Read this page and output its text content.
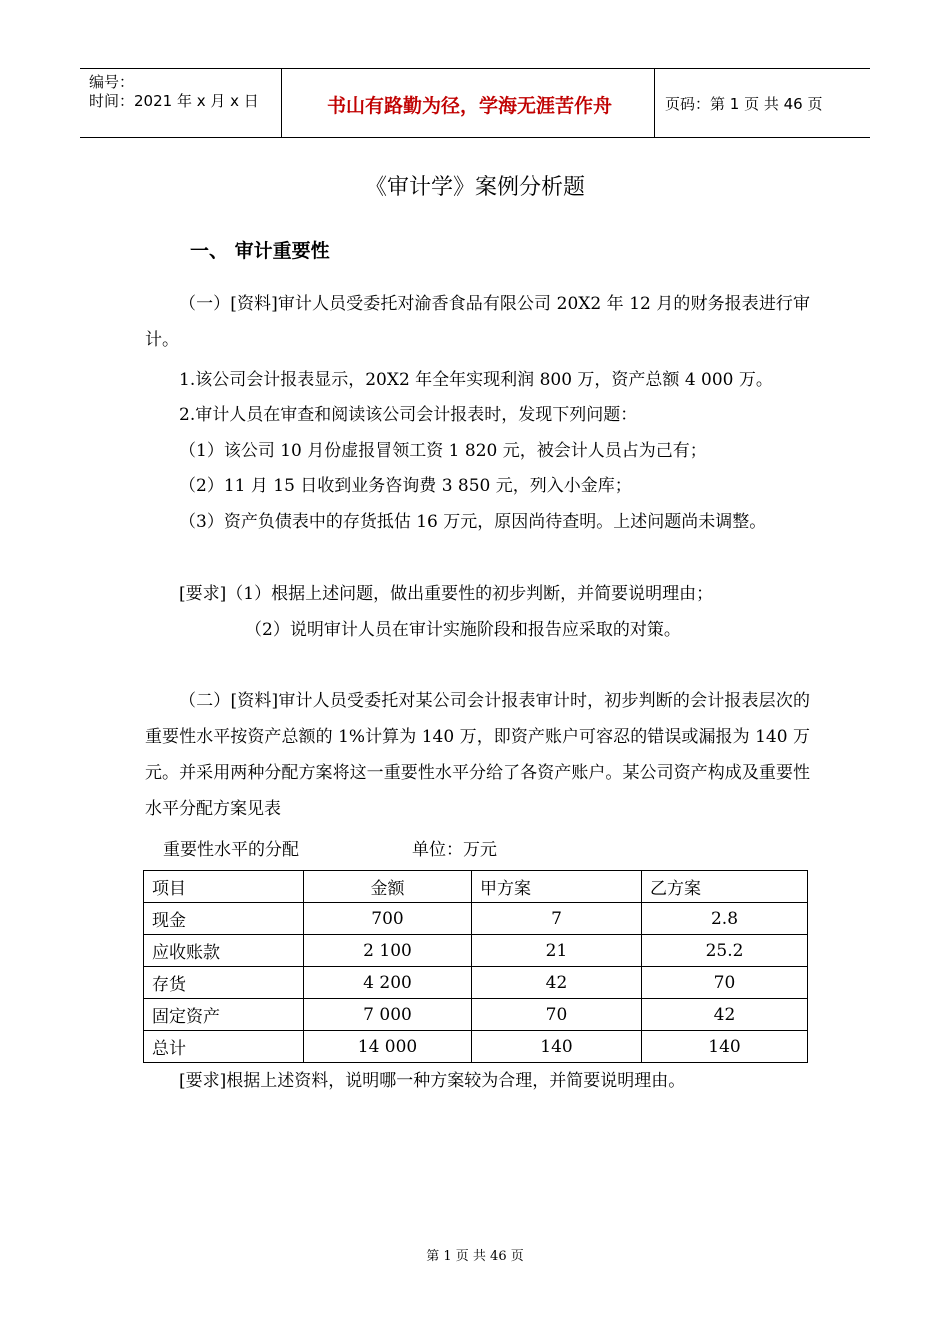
编号：
时间：2021 年 x 月 x 日	书山有路勤为径，学海无涯苦作舟	页码：第 1 页 共 46 页
《审计学》案例分析题
一、 审计重要性

（一）[资料]审计人员受委托对渝香食品有限公司 20X2 年 12 月的财务报表进行审计。

1.该公司会计报表显示，20X2 年全年实现利润 800 万，资产总额 4 000 万。

2.审计人员在审查和阅读该公司会计报表时，发现下列问题：

（1）该公司 10 月份虚报冒领工资 1 820 元，被会计人员占为己有；

（2）11 月 15 日收到业务咨询费 3 850 元，列入小金库；

（3）资产负债表中的存货抵估 16 万元，原因尚待查明。上述问题尚未调整。

[要求]（1）根据上述问题，做出重要性的初步判断，并简要说明理由；

（2）说明审计人员在审计实施阶段和报告应采取的对策。

（二）[资料]审计人员受委托对某公司会计报表审计时，初步判断的会计报表层次的重要性水平按资产总额的 1%计算为 140 万，即资产账户可容忍的错误或漏报为 140 万元。并采用两种分配方案将这一重要性水平分给了各资产账户。某公司资产构成及重要性水平分配方案见表

重要性水平的分配	单位：万元
项目	金额	甲方案	乙方案
现金	700	7	2.8
应收账款	2 100	21	25.2
存货	4 200	42	70
固定资产	7 000	70	42
总计	14 000	140	140

[要求]根据上述资料，说明哪一种方案较为合理，并简要说明理由。

第 1 页 共 46 页
